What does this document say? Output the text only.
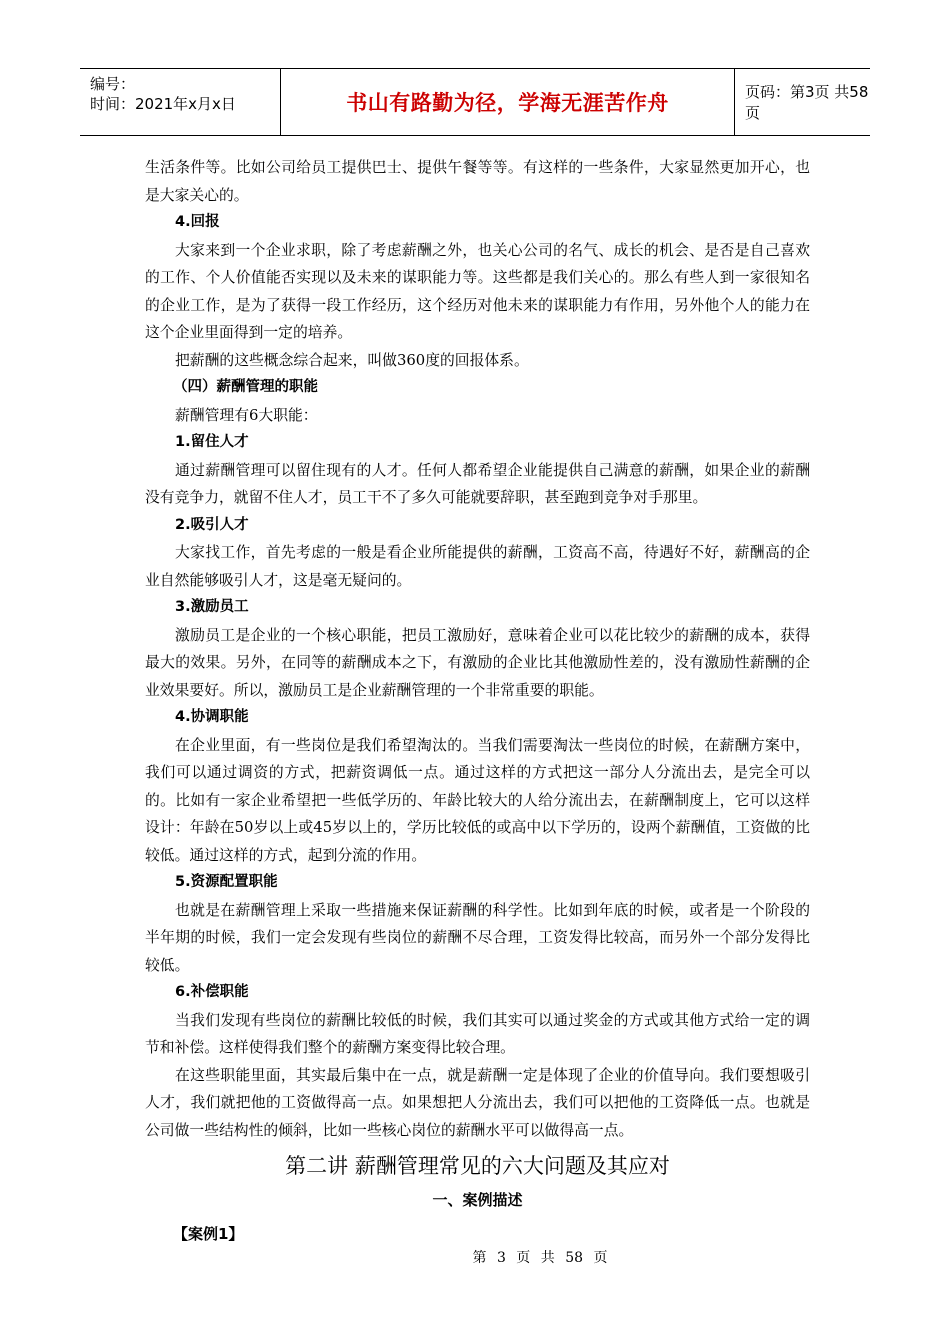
编号：
时间：2021年x月x日	书山有路勤为径，学海无涯苦作舟	页码：第3页 共58页

生活条件等。比如公司给员工提供巴士、提供午餐等等。有这样的一些条件，大家显然更加开心，也是大家关心的。

4.回报

大家来到一个企业求职，除了考虑薪酬之外，也关心公司的名气、成长的机会、是否是自己喜欢的工作、个人价值能否实现以及未来的谋职能力等。这些都是我们关心的。那么有些人到一家很知名的企业工作，是为了获得一段工作经历，这个经历对他未来的谋职能力有作用，另外他个人的能力在这个企业里面得到一定的培养。

把薪酬的这些概念综合起来，叫做360度的回报体系。

（四）薪酬管理的职能

薪酬管理有6大职能：

1.留住人才

通过薪酬管理可以留住现有的人才。任何人都希望企业能提供自己满意的薪酬，如果企业的薪酬没有竞争力，就留不住人才，员工干不了多久可能就要辞职，甚至跑到竞争对手那里。

2.吸引人才

大家找工作，首先考虑的一般是看企业所能提供的薪酬，工资高不高，待遇好不好，薪酬高的企业自然能够吸引人才，这是毫无疑问的。

3.激励员工

激励员工是企业的一个核心职能，把员工激励好，意味着企业可以花比较少的薪酬的成本，获得最大的效果。另外，在同等的薪酬成本之下，有激励的企业比其他激励性差的，没有激励性薪酬的企业效果要好。所以，激励员工是企业薪酬管理的一个非常重要的职能。

4.协调职能

在企业里面，有一些岗位是我们希望淘汰的。当我们需要淘汰一些岗位的时候，在薪酬方案中，我们可以通过调资的方式，把薪资调低一点。通过这样的方式把这一部分人分流出去，是完全可以的。比如有一家企业希望把一些低学历的、年龄比较大的人给分流出去，在薪酬制度上，它可以这样设计：年龄在50岁以上或45岁以上的，学历比较低的或高中以下学历的，设两个薪酬值，工资做的比较低。通过这样的方式，起到分流的作用。

5.资源配置职能

也就是在薪酬管理上采取一些措施来保证薪酬的科学性。比如到年底的时候，或者是一个阶段的半年期的时候，我们一定会发现有些岗位的薪酬不尽合理，工资发得比较高，而另外一个部分发得比较低。

6.补偿职能

当我们发现有些岗位的薪酬比较低的时候，我们其实可以通过奖金的方式或其他方式给一定的调节和补偿。这样使得我们整个的薪酬方案变得比较合理。

在这些职能里面，其实最后集中在一点，就是薪酬一定是体现了企业的价值导向。我们要想吸引人才，我们就把他的工资做得高一点。如果想把人分流出去，我们可以把他的工资降低一点。也就是公司做一些结构性的倾斜，比如一些核心岗位的薪酬水平可以做得高一点。

第二讲 薪酬管理常见的六大问题及其应对

一、案例描述

【案例1】

第 3 页 共 58 页
